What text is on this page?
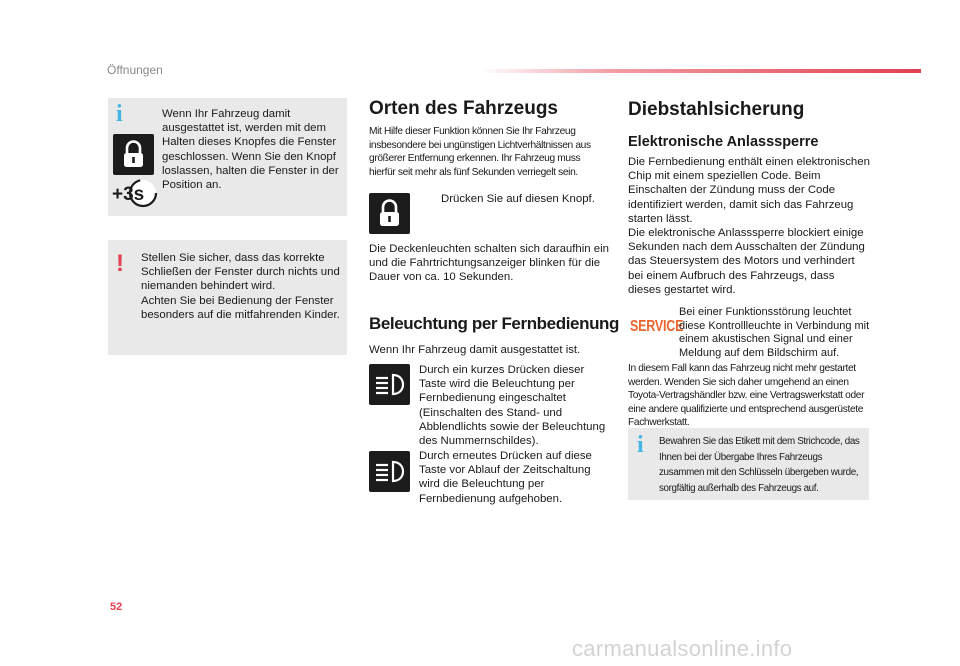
Öffnungen
i
+3s
Wenn Ihr Fahrzeug damit ausgestattet ist, werden mit dem Halten dieses Knopfes die Fenster geschlossen. Wenn Sie den Knopf loslassen, halten die Fenster in der Position an.
! Stellen Sie sicher, dass das korrekte Schließen der Fenster durch nichts und niemanden behindert wird.
Achten Sie bei Bedienung der Fenster besonders auf die mitfahrenden Kinder.
Orten des Fahrzeugs
Mit Hilfe dieser Funktion können Sie Ihr Fahrzeug insbesondere bei ungünstigen Lichtverhältnissen aus größerer Entfernung erkennen. Ihr Fahrzeug muss hierfür seit mehr als fünf Sekunden verriegelt sein.
Drücken Sie auf diesen Knopf.
Die Deckenleuchten schalten sich daraufhin ein und die Fahrtrichtungsanzeiger blinken für die Dauer von ca. 10 Sekunden.
Beleuchtung per Fernbedienung
Wenn Ihr Fahrzeug damit ausgestattet ist.
Durch ein kurzes Drücken dieser Taste wird die Beleuchtung per Fernbedienung eingeschaltet (Einschalten des Stand- und Abblendlichts sowie der Beleuchtung des Nummernschildes).
Durch erneutes Drücken auf diese Taste vor Ablauf der Zeitschaltung wird die Beleuchtung per Fernbedienung aufgehoben.
Diebstahlsicherung
Elektronische Anlasssperre
Die Fernbedienung enthält einen elektronischen Chip mit einem speziellen Code. Beim Einschalten der Zündung muss der Code identifiziert werden, damit sich das Fahrzeug starten lässt.
Die elektronische Anlasssperre blockiert einige Sekunden nach dem Ausschalten der Zündung das Steuersystem des Motors und verhindert bei einem Aufbruch des Fahrzeugs, dass dieses gestartet wird.
SERVICE
Bei einer Funktionsstörung leuchtet diese Kontrollleuchte in Verbindung mit einem akustischen Signal und einer Meldung auf dem Bildschirm auf.
In diesem Fall kann das Fahrzeug nicht mehr gestartet werden. Wenden Sie sich daher umgehend an einen Toyota-Vertragshändler bzw. eine Vertragswerkstatt oder eine andere qualifizierte und entsprechend ausgerüstete Fachwerkstatt.
i Bewahren Sie das Etikett mit dem Strichcode, das Ihnen bei der Übergabe Ihres Fahrzeugs zusammen mit den Schlüsseln übergeben wurde, sorgfältig außerhalb des Fahrzeugs auf.
52
carmanualsonline.info
